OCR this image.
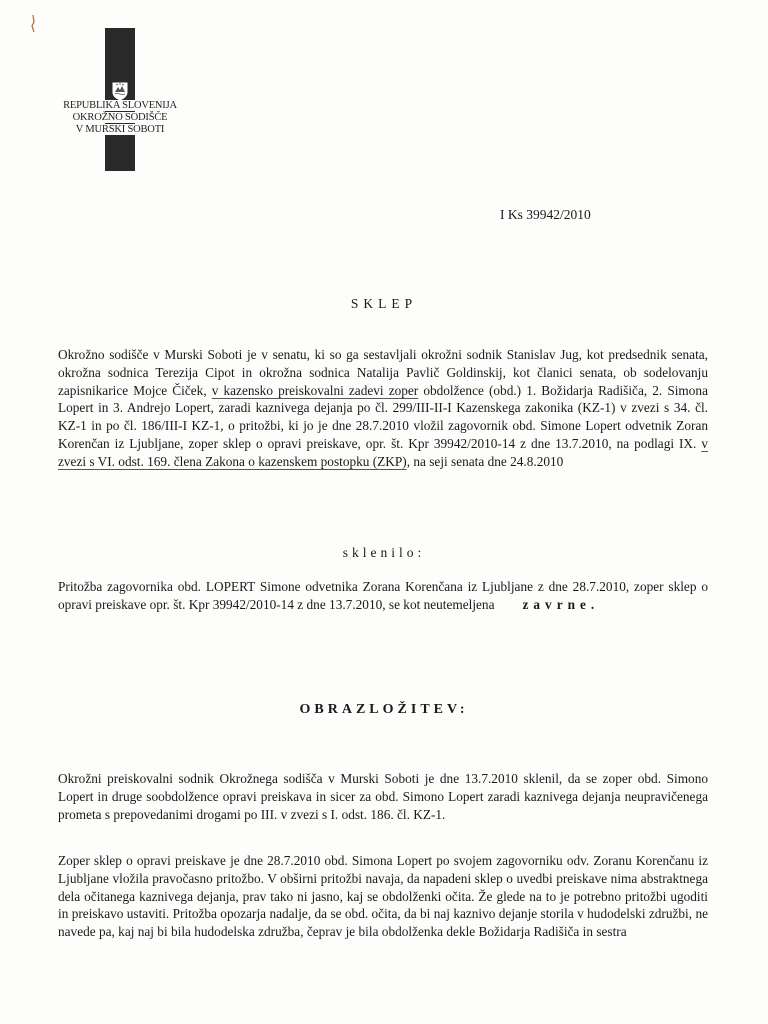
REPUBLIKA SLOVENIJA
OKROŽNO SODIŠČE
V MURSKI SOBOTI
I Ks 39942/2010
SKLEP

Okrožno sodišče v Murski Soboti je v senatu, ki so ga sestavljali okrožni sodnik Stanislav Jug, kot predsednik senata, okrožna sodnica Terezija Cipot in okrožna sodnica Natalija Pavlič Goldinskij, kot članici senata, ob sodelovanju zapisnikarice Mojce Čiček, v kazensko preiskovalni zadevi zoper obdolžence (obd.) 1. Božidarja Radišiča, 2. Simona Lopert in 3. Andrejo Lopert, zaradi kaznivega dejanja po čl. 299/III-II-I Kazenskega zakonika (KZ-1) v zvezi s 34. čl. KZ-1 in po čl. 186/III-I KZ-1, o pritožbi, ki jo je dne 28.7.2010 vložil zagovornik obd. Simone Lopert odvetnik Zoran Korenčan iz Ljubljane, zoper sklep o opravi preiskave, opr. št. Kpr 39942/2010-14 z dne 13.7.2010, na podlagi IX. v zvezi s VI. odst. 169. člena Zakona o kazenskem postopku (ZKP), na seji senata dne 24.8.2010

sklenilo:

Pritožba zagovornika obd. LOPERT Simone odvetnika Zorana Korenčana iz Ljubljane z dne 28.7.2010, zoper sklep o opravi preiskave opr. št. Kpr 39942/2010-14 z dne 13.7.2010, se kot neutemeljena zavrne.

OBRAZLOŽITEV:

Okrožni preiskovalni sodnik Okrožnega sodišča v Murski Soboti je dne 13.7.2010 sklenil, da se zoper obd. Simono Lopert in druge soobdolžence opravi preiskava in sicer za obd. Simono Lopert zaradi kaznivega dejanja neupravičenega prometa s prepovedanimi drogami po III. v zvezi s I. odst. 186. čl. KZ-1.

Zoper sklep o opravi preiskave je dne 28.7.2010 obd. Simona Lopert po svojem zagovorniku odv. Zoranu Korenčanu iz Ljubljane vložila pravočasno pritožbo. V obširni pritožbi navaja, da napadeni sklep o uvedbi preiskave nima abstraktnega dela očitanega kaznivega dejanja, prav tako ni jasno, kaj se obdolženki očita. Že glede na to je potrebno pritožbi ugoditi in preiskavo ustaviti. Pritožba opozarja nadalje, da se obd. očita, da bi naj kaznivo dejanje storila v hudodelski združbi, ne navede pa, kaj naj bi bila hudodelska združba, čeprav je bila obdolženka dekle Božidarja Radišiča in sestra
